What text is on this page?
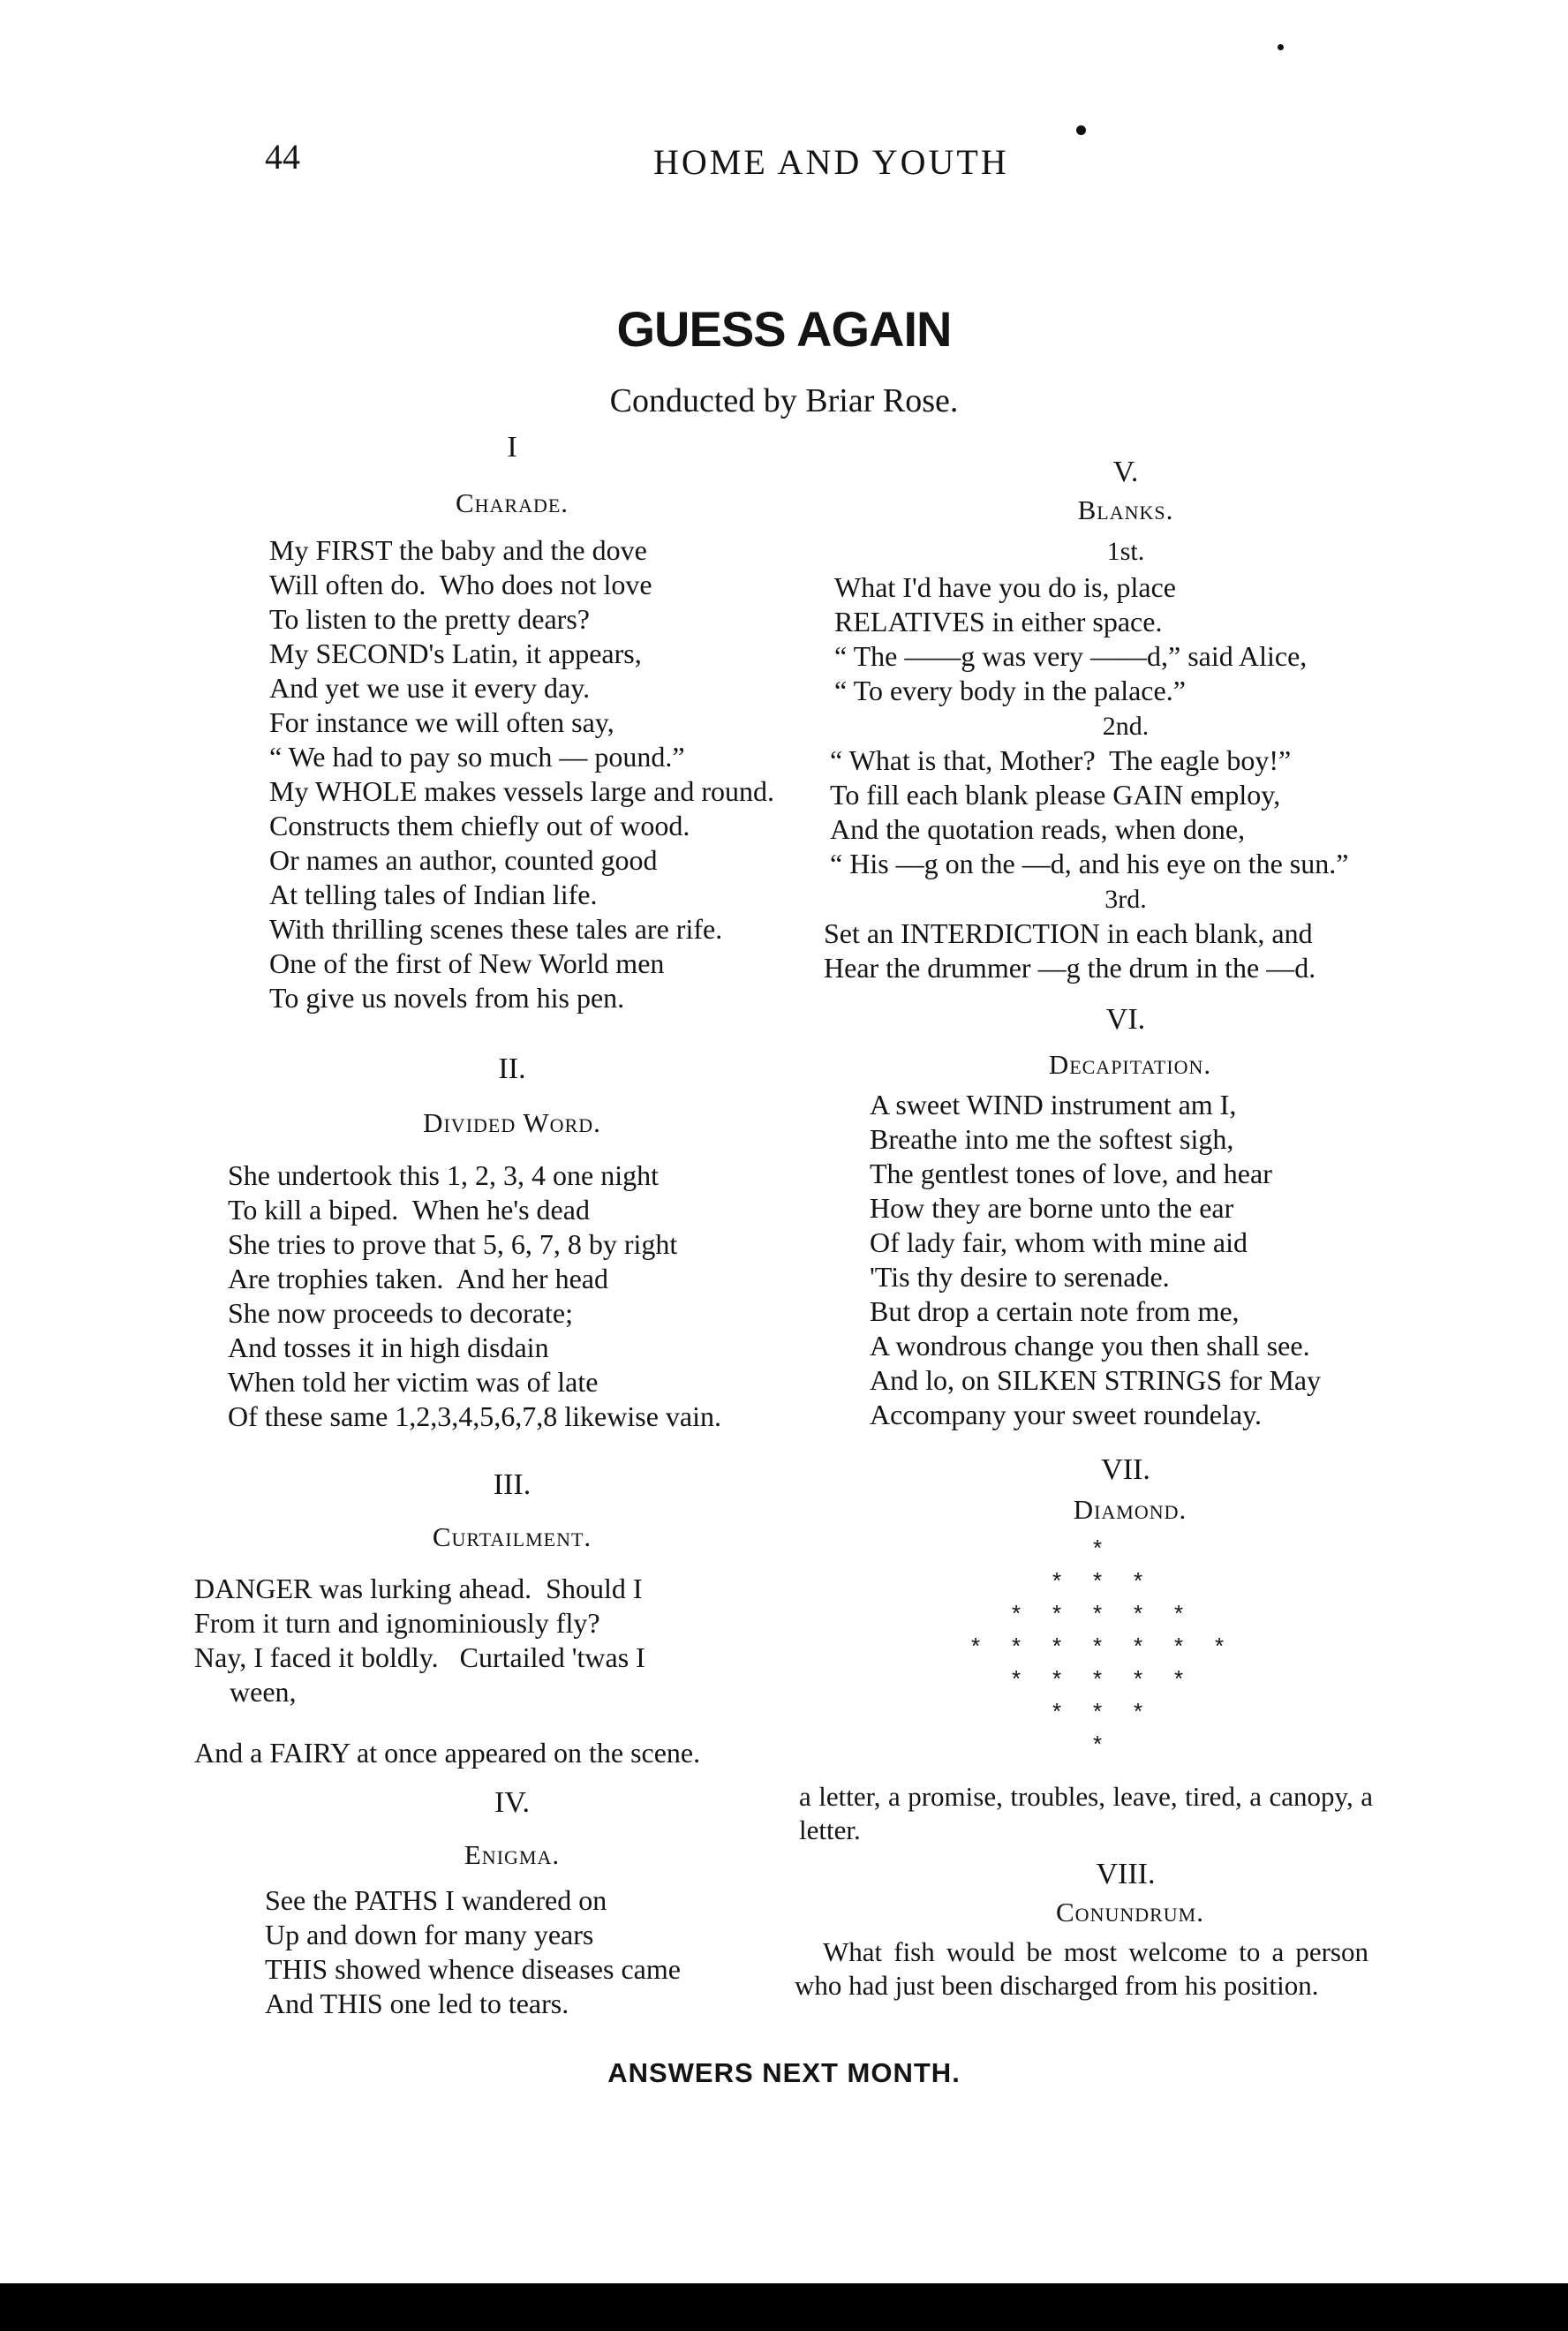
44	HOME AND YOUTH
GUESS AGAIN
Conducted by Briar Rose.
I
Charade.
My FIRST the baby and the dove
Will often do.  Who does not love
To listen to the pretty dears?
My SECOND's Latin, it appears,
And yet we use it every day.
For instance we will often say,
“ We had to pay so much — pound.”
My WHOLE makes vessels large and round.
Constructs them chiefly out of wood.
Or names an author, counted good
At telling tales of Indian life.
With thrilling scenes these tales are rife.
One of the first of New World men
To give us novels from his pen.
II.
Divided Word.
She undertook this 1, 2, 3, 4 one night
To kill a biped.  When he's dead
She tries to prove that 5, 6, 7, 8 by right
Are trophies taken.  And her head
She now proceeds to decorate;
And tosses it in high disdain
When told her victim was of late
Of these same 1,2,3,4,5,6,7,8 likewise vain.
III.
Curtailment.
DANGER was lurking ahead.  Should I
From it turn and ignominiously fly?
Nay, I faced it boldly.   Curtailed 'twas I
ween,
And a FAIRY at once appeared on the scene.
IV.
Enigma.
See the PATHS I wandered on
Up and down for many years
THIS showed whence diseases came
And THIS one led to tears.
V.
Blanks.
1st.
What I'd have you do is, place
RELATIVES in either space.
“ The ——g was very ——d,” said Alice,
“ To every body in the palace.”
2nd.
“ What is that, Mother?  The eagle boy!”
To fill each blank please GAIN employ,
And the quotation reads, when done,
“ His —g on the —d, and his eye on the sun.”
3rd.
Set an INTERDICTION in each blank, and
Hear the drummer —g the drum in the —d.
VI.
Decapitation.
A sweet WIND instrument am I,
Breathe into me the softest sigh,
The gentlest tones of love, and hear
How they are borne unto the ear
Of lady fair, whom with mine aid
'Tis thy desire to serenade.
But drop a certain note from me,
A wondrous change you then shall see.
And lo, on SILKEN STRINGS for May
Accompany your sweet roundelay.
VII.
Diamond.
*
* * *
* * * * *
* * * * * * *
* * * * *
* * *
*
a letter, a promise, troubles, leave, tired, a canopy, a letter.
VIII.
Conundrum.
What fish would be most welcome to a person who had just been discharged from his position.
ANSWERS NEXT MONTH.
